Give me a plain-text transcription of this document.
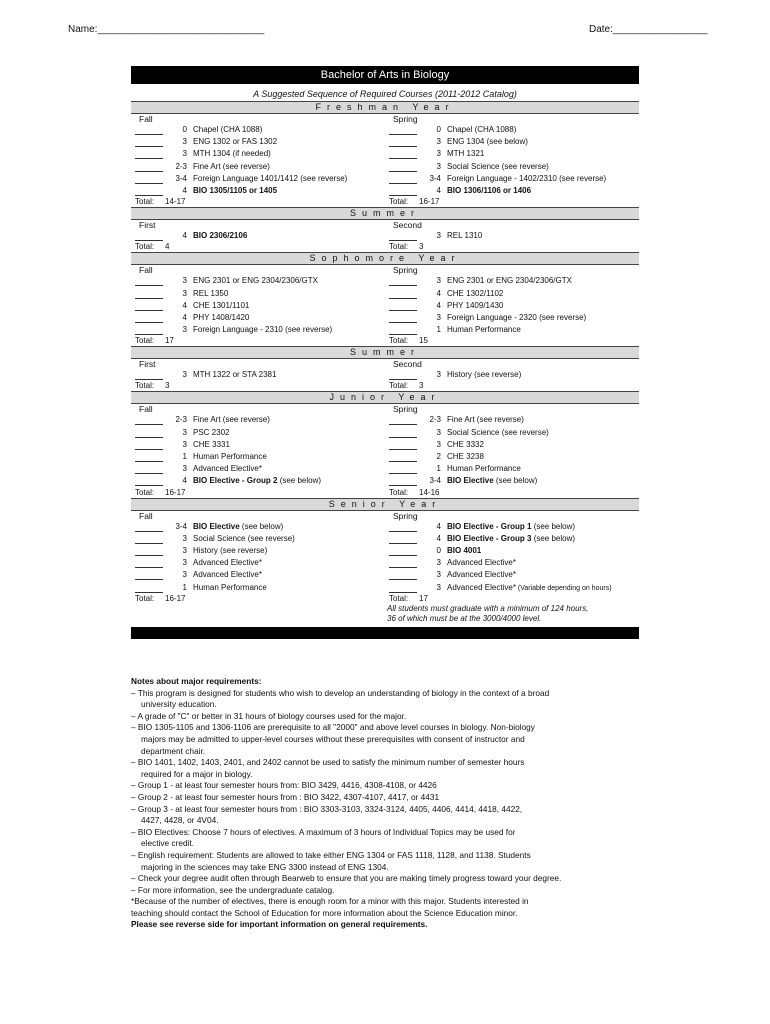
Name:______________________________	Date:_________________
Bachelor of Arts in Biology
A Suggested Sequence of Required Courses (2011-2012 Catalog)
Freshman Year
Fall
0 Chapel (CHA 1088)
3 ENG 1302 or FAS 1302
3 MTH 1304 (if needed)
2-3 Fine Art (see reverse)
3-4 Foreign Language 1401/1412 (see reverse)
4 BIO 1305/1105 or 1405
Total:	14-17
Spring
0 Chapel (CHA 1088)
3 ENG 1304 (see below)
3 MTH 1321
3 Social Science (see reverse)
3-4 Foreign Language - 1402/2310 (see reverse)
4 BIO 1306/1106 or 1406
Total:	16-17
Summer
First
4 BIO 2306/2106
Total:	4
Second
3 REL 1310
Total:	3
Sophomore Year
Fall
3 ENG 2301 or ENG 2304/2306/GTX
3 REL 1350
4 CHE 1301/1101
4 PHY 1408/1420
3 Foreign Language - 2310 (see reverse)
Total:	17
Spring
3 ENG 2301 or ENG 2304/2306/GTX
4 CHE 1302/1102
4 PHY 1409/1430
3 Foreign Language - 2320 (see reverse)
1 Human Performance
Total:	15
Summer
First
3 MTH 1322 or STA 2381
Total:	3
Second
3 History (see reverse)
Total:	3
Junior Year
Fall
2-3 Fine Art (see reverse)
3 PSC 2302
3 CHE 3331
1 Human Performance
3 Advanced Elective*
4 BIO Elective - Group 2 (see below)
Total:	16-17
Spring
2-3 Fine Art (see reverse)
3 Social Science (see reverse)
3 CHE 3332
2 CHE 3238
1 Human Performance
3-4 BIO Elective (see below)
Total:	14-16
Senior Year
Fall
3-4 BIO Elective (see below)
3 Social Science (see reverse)
3 History (see reverse)
3 Advanced Elective*
3 Advanced Elective*
1 Human Performance
Total:	16-17
Spring
4 BIO Elective - Group 1 (see below)
4 BIO Elective - Group 3 (see below)
0 BIO 4001
3 Advanced Elective*
3 Advanced Elective*
3 Advanced Elective* (Variable depending on hours)
Total:	17
All students must graduate with a minimum of 124 hours,
36 of which must be at the 3000/4000 level.

Notes about major requirements:

– This program is designed for students who wish to develop an understanding of biology in the context of a broad

university education.

– A grade of "C" or better in 31 hours of biology courses used for the major.

– BIO 1305-1105 and 1306-1106 are prerequisite to all "2000" and above level courses in biology. Non-biology

majors may be admitted to upper-level courses without these prerequisites with consent of instructor and

department chair.

– BIO 1401, 1402, 1403, 2401, and 2402 cannot be used to satisfy the minimum number of semester hours

required for a major in biology.

– Group 1 - at least four semester hours from: BIO 3429, 4416, 4308-4108, or 4426

– Group 2 - at least four semester hours from : BIO 3422, 4307-4107, 4417, or 4431

– Group 3 - at least four semester hours from : BIO 3303-3103, 3324-3124, 4405, 4406, 4414, 4418, 4422,

4427, 4428, or 4V04.

– BIO Electives: Choose 7 hours of electives. A maximum of 3 hours of Individual Topics may be used for

elective credit.

– English requirement: Students are allowed to take either ENG 1304 or FAS 1118, 1128, and 1138. Students

majoring in the sciences may take ENG 3300 instead of ENG 1304.

– Check your degree audit often through Bearweb to ensure that you are making timely progress toward your degree.

– For more information, see the undergraduate catalog.

*Because of the number of electives, there is enough room for a minor with this major. Students interested in

teaching should contact the School of Education for more information about the Science Education minor.

Please see reverse side for important information on general requirements.
